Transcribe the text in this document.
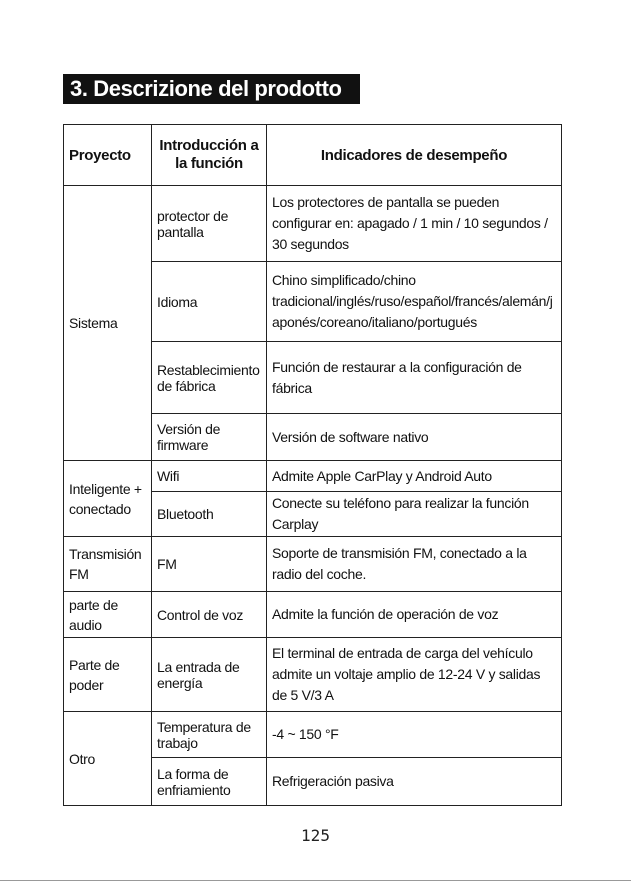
3. Descrizione del prodotto
Proyecto	Introducción a la función	Indicadores de desempeño
Sistema	protector de pantalla	Los protectores de pantalla se pueden configurar en: apagado / 1 min / 10 segundos / 30 segundos
	Idioma	Chino simplificado/chino tradicional/inglés/ruso/español/francés/alemán/japonés/coreano/italiano/portugués
	Restablecimiento de fábrica	Función de restaurar a la configuración de fábrica
	Versión de firmware	Versión de software nativo
Inteligente + conectado	Wifi	Admite Apple CarPlay y Android Auto
	Bluetooth	Conecte su teléfono para realizar la función Carplay
Transmisión FM	FM	Soporte de transmisión FM, conectado a la radio del coche.
parte de audio	Control de voz	Admite la función de operación de voz
Parte de poder	La entrada de energía	El terminal de entrada de carga del vehículo admite un voltaje amplio de 12-24 V y salidas de 5 V/3 A
Otro	Temperatura de trabajo	-4 ~ 150 °F
	La forma de enfriamiento	Refrigeración pasiva
125
